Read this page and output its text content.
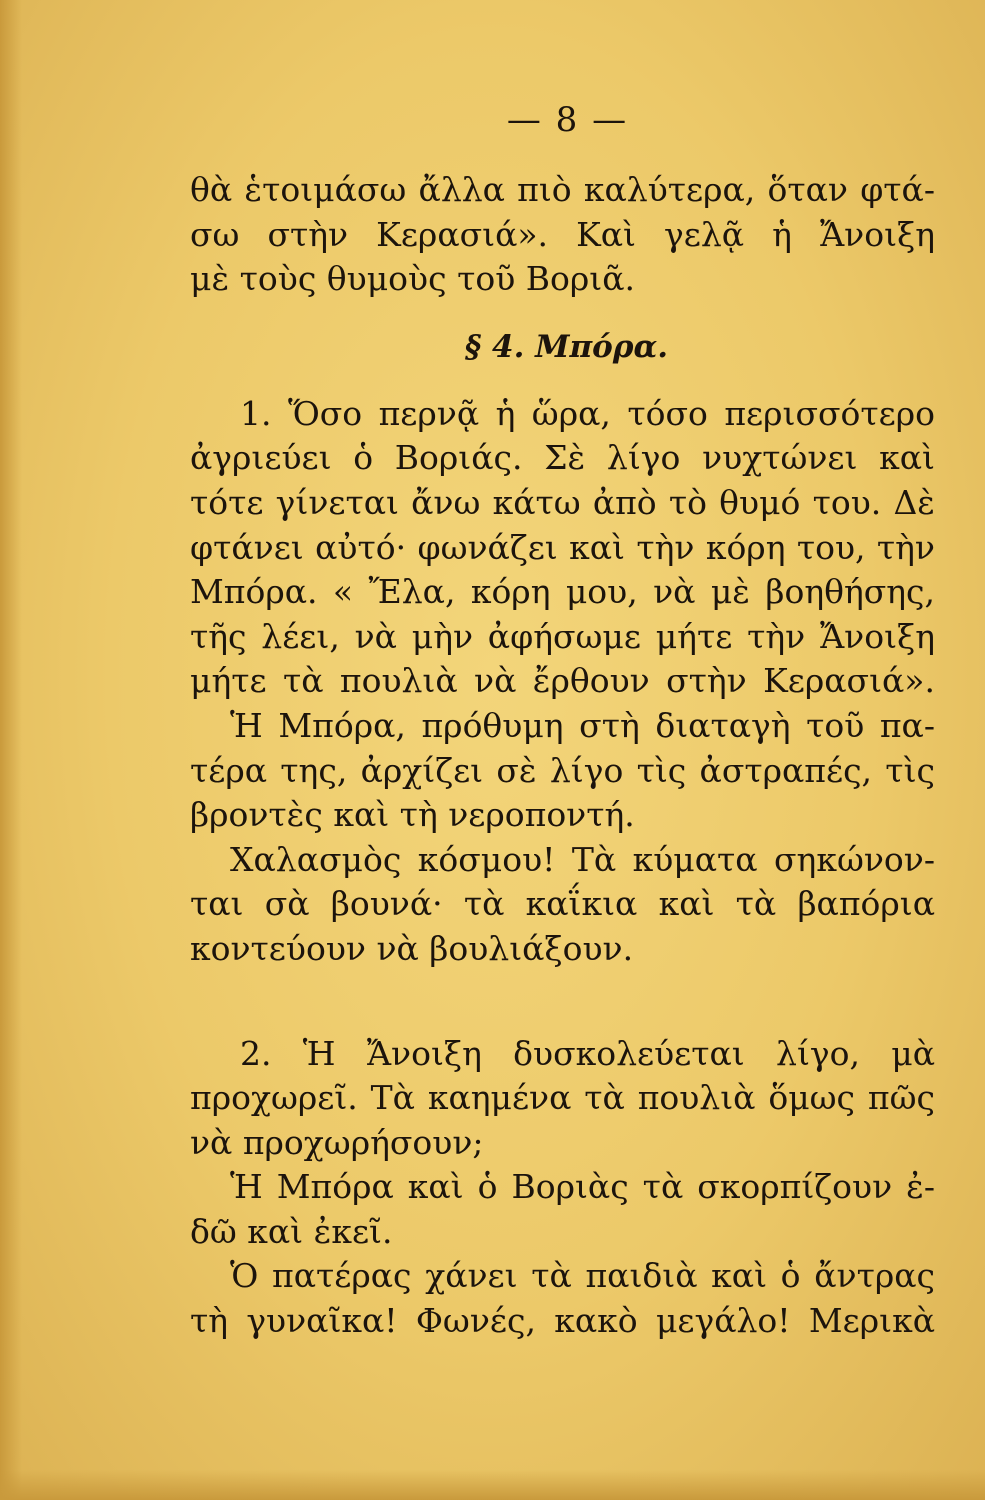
— 8 —
θὰ ἑτοιμάσω ἄλλα πιὸ καλύτερα, ὅταν φτά-
σω στὴν Κερασιά». Καὶ γελᾷ ἡ Ἄνοιξη
μὲ τοὺς θυμοὺς τοῦ Βοριᾶ.
§ 4. Μπόρα.
1. Ὅσο περνᾷ ἡ ὥρα, τόσο περισσότερο
ἀγριεύει ὁ Βοριάς. Σὲ λίγο νυχτώνει καὶ
τότε γίνεται ἄνω κάτω ἀπὸ τὸ θυμό του. Δὲ
φτάνει αὐτό· φωνάζει καὶ τὴν κόρη του, τὴν
Μπόρα. « Ἔλα, κόρη μου, νὰ μὲ βοηθήσης,
τῆς λέει, νὰ μὴν ἀφήσωμε μήτε τὴν Ἄνοιξη
μήτε τὰ πουλιὰ νὰ ἔρθουν στὴν Κερασιά».
Ἡ Μπόρα, πρόθυμη στὴ διαταγὴ τοῦ πα-
τέρα της, ἀρχίζει σὲ λίγο τὶς ἀστραπές, τὶς
βροντὲς καὶ τὴ νεροποντή.
Χαλασμὸς κόσμου! Τὰ κύματα σηκώνον-
ται σὰ βουνά· τὰ καΐκια καὶ τὰ βαπόρια
κοντεύουν νὰ βουλιάξουν.
2. Ἡ Ἄνοιξη δυσκολεύεται λίγο, μὰ
προχωρεῖ. Τὰ καημένα τὰ πουλιὰ ὅμως πῶς
νὰ προχωρήσουν;
Ἡ Μπόρα καὶ ὁ Βοριὰς τὰ σκορπίζουν ἐ-
δῶ καὶ ἐκεῖ.
Ὁ πατέρας χάνει τὰ παιδιὰ καὶ ὁ ἄντρας
τὴ γυναῖκα! Φωνές, κακὸ μεγάλο! Μερικὰ
